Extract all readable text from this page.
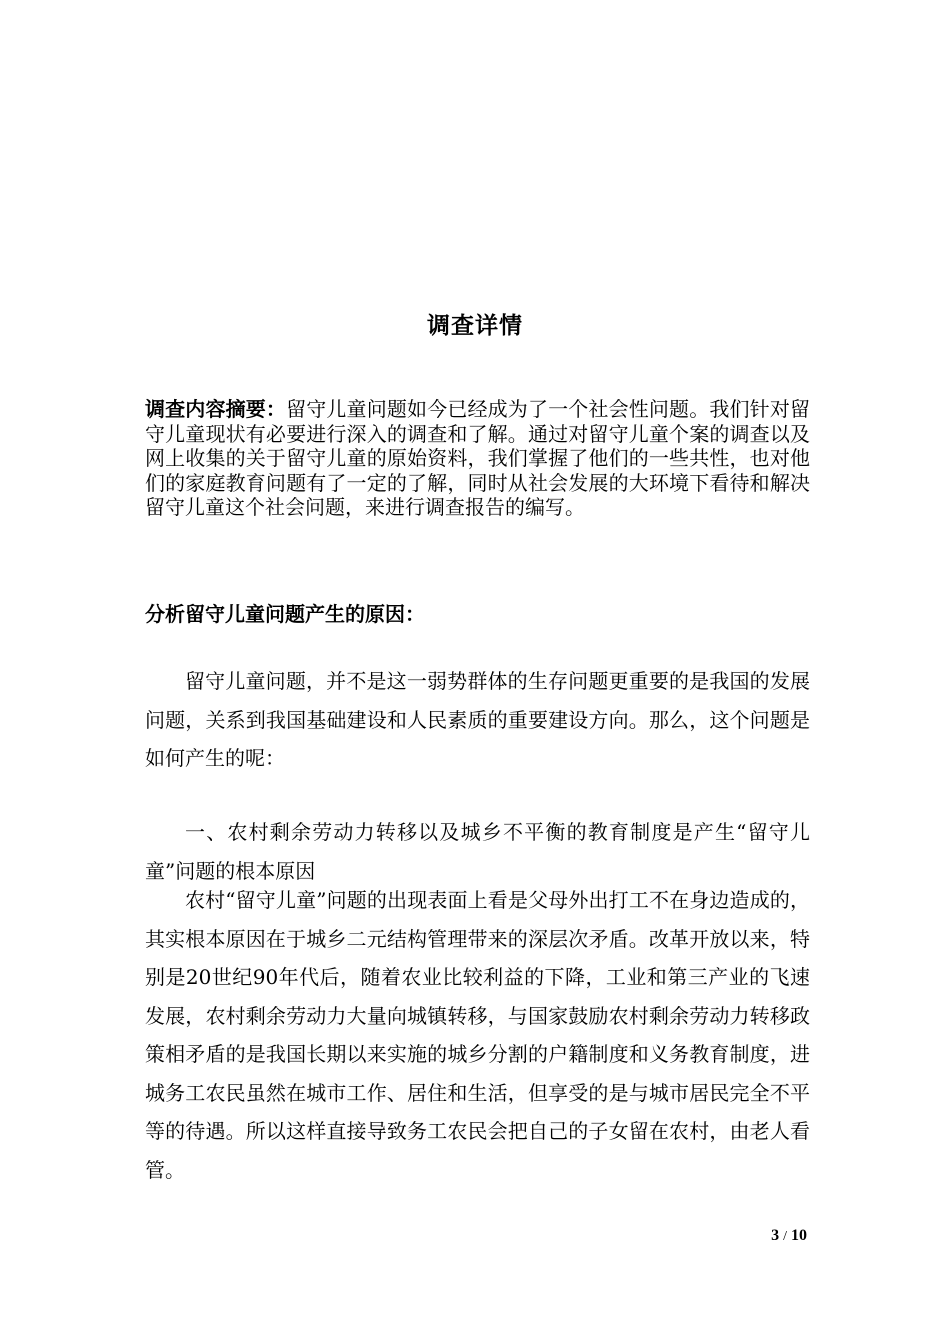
调查详情

调查内容摘要：留守儿童问题如今已经成为了一个社会性问题。我们针对留守儿童现状有必要进行深入的调查和了解。通过对留守儿童个案的调查以及网上收集的关于留守儿童的原始资料，我们掌握了他们的一些共性，也对他们的家庭教育问题有了一定的了解，同时从社会发展的大环境下看待和解决留守儿童这个社会问题，来进行调查报告的编写。

分析留守儿童问题产生的原因：

留守儿童问题，并不是这一弱势群体的生存问题更重要的是我国的发展问题，关系到我国基础建设和人民素质的重要建设方向。那么，这个问题是如何产生的呢：

一、农村剩余劳动力转移以及城乡不平衡的教育制度是产生“留守儿童”问题的根本原因

农村“留守儿童”问题的出现表面上看是父母外出打工不在身边造成的，其实根本原因在于城乡二元结构管理带来的深层次矛盾。改革开放以来，特别是20世纪90年代后，随着农业比较利益的下降，工业和第三产业的飞速发展，农村剩余劳动力大量向城镇转移，与国家鼓励农村剩余劳动力转移政策相矛盾的是我国长期以来实施的城乡分割的户籍制度和义务教育制度，进城务工农民虽然在城市工作、居住和生活，但享受的是与城市居民完全不平等的待遇。所以这样直接导致务工农民会把自己的子女留在农村，由老人看管。

3 / 10
